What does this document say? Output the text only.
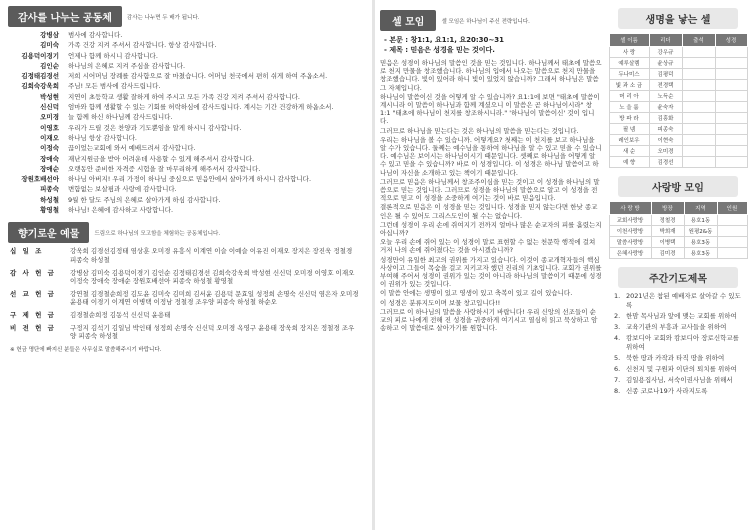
감사를 나누는 공동체	감사는 나누면 두 배가 됩니다.
강병삼	범사에 감사합니다.
김미숙	가족 건강 지켜 주셔서 감사합니다. 항상 감사합니다.
김용덕이경기	언제나 함께 하시니 감사합니다.
김인순	하나님의 은혜로 지켜 주심을 감사합니다.
김정태김경선	저희 시어머님 장례를 감사함으로 잘 마쳤습니다. 어머님 천국에서 편히 쉬게 하여 주옵소서.
김희숙강욱희	주님! 모든 범사에 감사드립니다.
박성현	지연이 초등학교 생활 잘하게 하여 주시고 모든 가족 건강 지켜 주셔서 감사합니다.
신신덕	엄마와 함께 생활할 수 있는 기회를 허락하심에 감사드립니다. 계시는 기간 건강하게 하옵소서.
오미경	늘 함께 하신 하나님께 감사드립니다.
이영호	우리가 드릴 것은 찬양과 기도뿐임을 알게 하시니 감사합니다.
이재오	하나님 항상 감사합니다.
이정숙	끊이었는교회에 와서 예배드려서 감사합니다.
장애숙	재난지원금을 받아 어려운데 사용할 수 있게 해주셔서 감사합니다.
장애순	오랫동안 준비한 자격증 시험을 잘 마무리하게 해주셔서 감사합니다.
장원호배선아	하나님 아버지! 우리 가정이 하나님 중심으로 믿음안에서 살아가게 하시니 감사합니다.
피종숙	변함없는 보살핌과 사랑에 감사합니다.
하성철	9월 한 달도 주님의 은혜로 살아가게 하심 감사합니다.
황영철	하나님! 은혜에 감사하고 사랑합니다.
향기로운 예물	드림으로 하나님의 모고함을 체험하는 공동체입니다.
십 일 조	강욱희 김경선김정태 염상훈 오미경 유흥식 이계연 이슬 이예슬 이유진 이재오 장지은 장진욱 정철경 피종숙 하성철
감 사 헌 금	강병삼 김미숙 김용덕이경기 김인순 김정태김경선 김희숙강욱희 박성현 신신덕 오미경 이영호 이재오 이정숙 장애숙 장애순 장원호배선아 피종숙 하성철 황영철
선 교 헌 금	강연철 김경철순희정 김도윤 김미숙 김미희 김서윤 김용덕 문효일 성정희 손명숙 신신덕 염은자 오미경 윤용태 이경기 이계연 이병택 이정남 정철경 조우양 피종숙 하성철 하순오
구 제 헌 금	김경철순희정 김동석 신신덕 윤용태
비 전 헌 금	구정지 김석기 김일님 박인태 성정희 손명숙 신신덕 오미경 옥영구 윤용태 장욱희 장지은 정철경 조우양 피종숙 하성철
※ 헌금 명단에 빠지신 분들은 사무실로 말씀해주시기 바랍니다.
셀 모임	셀 모임은 하나님이 주신 전략입니다.
- 본문 : 창1:1, 요1:1, 요20:30~31
- 제목 : 믿음은 성경을 믿는 것이다.

믿음은 성경이 하나님의 말씀인 것을 믿는 것입니다. 하나님께서 태초에 말씀으로 천지 만물을 창조했습니다. 하나님의 입에서 나오는 말씀으로 천지 만물을 창조했습니다. 빛이 있어라 하니 빛이 있었지 않습니까? 그래서 하나님은 말씀 그 자체입니다.

하나님이 말씀이신 것을 어떻게 알 수 있습니까? 요1:1에 보면 "태초에 말씀이 계시니라 이 말씀이 하나님과 함께 계셨으니 이 말씀은 곧 하나님이시라" 창1:1 "태초에 하나님이 천지를 창조하시니라." '하나님이 말씀이신' 것이 입니다.

그러므로 하나님을 믿는다는 것은 하나님의 말씀을 믿는다는 것입니다.

우리는 하나님을 볼 수 있습니까. 어떻게요? 첫째는 이 천지를 보고 하나님을 알 수가 있습니다. 둘째는 예수님을 통하여 하나님을 알 수 있고 믿을 수 있습니다. 예수님은 보이시는 하나님이시기 때문입니다. 셋째로 하나님을 어떻게 알 수 있고 믿을 수 있습니까? 바로 이 성경입니다. 이 성경은 하나님 말씀이고 하나님이 자신을 소개하고 있는 책이기 때문입니다.

그러므로 믿음은 하나님께서 창조주이심을 믿는 것이고 이 성경을 하나님의 말씀으로 믿는 것입니다. 그러므로 성경을 하나님의 말씀으로 알고 이 성경을 전적으로 믿고 이 성경을 소중하게 여기는 것이 바로 믿음입니다.

결론적으로 믿음은 이 성경을 믿는 것입니다. 성경을 믿지 않는다면 한낮 종교인은 될 수 있어도 그리스도인이 될 수는 없습니다.

그런데 성경이 우리 손에 쥐여지기 전까지 얼마나 많은 순교자의 피를 흘렸는지 아십니까?

오늘 우리 손에 쥐어 있는 이 성경이 말로 표현할 수 없는 천문학 행적에 걸쳐 거저 나의 손에 쥐어졌다는 것을 아시겠습니까?

성경만이 유일한 최고의 권위를 가지고 있습니다. 이것이 종교개혁자들의 핵심 사상이고 그들이 목숨을 걸고 지키고자 했던 진리의 기초입니다. 교회가 권위를 부여해 주어서 성경이 권위가 있는 것이 아니라 하나님의 말씀이기 때문에 성경이 권위가 있는 것입니다.

이 말씀 안에는 생명이 있고 영생이 있고 축복이 있고 길이 있습니다.

이 성경은 분류지도이며 보물 창고입니다!!

그러므로 이 하나님의 말씀을 사랑하시기 바랍니다! 우리 신앙의 선조들이 순교의 피로 나에게 전해 진 성경을 귀중하게 여기시고 열심히 읽고 묵상하고 암송하고 이 말씀대로 살아가기를 원합니다.

생명을 낳는 셀
셀 이름	리더	출석	성경
사 랑	강우규		
예루살렘	윤상규		
두나미스	김평덕		
빛 과 소 금	전경택		
머 리 아	노득순		
노 을 룸	윤숙자		
방 파 라	김흥화		
필 넴	피종숙		
레인보우	이현숙		
새 순	오미경		
예 향	김경선		
사랑방 모임
사 랑 방	방장	지역	인원
교회사랑방	정철경	용호1동	
이천사랑방	박희재	원평2&동	
말씀사랑방	이병택	용호3동	
은혜사랑방	김미경	용호3동	
주간기도제목
1. 2021년은 참된 예배자로 살아갈 수 있도록
2. 한맘 목사님과 앞에 맺는 교회를 위하여
3. 교육기관의 부흥과 교사들을 위하여
4. 캄보디아 교회와 캄보디아 장로신학교를 위하여
5. 북한 땅과 카작과 타직 땅을 위하여
6. 신천지 및 구원파 이단의 퇴치를 위하여
7. 김일용집사님, 서숙이권사님을 위해서
8. 신종 코로나19가 사라지도록
